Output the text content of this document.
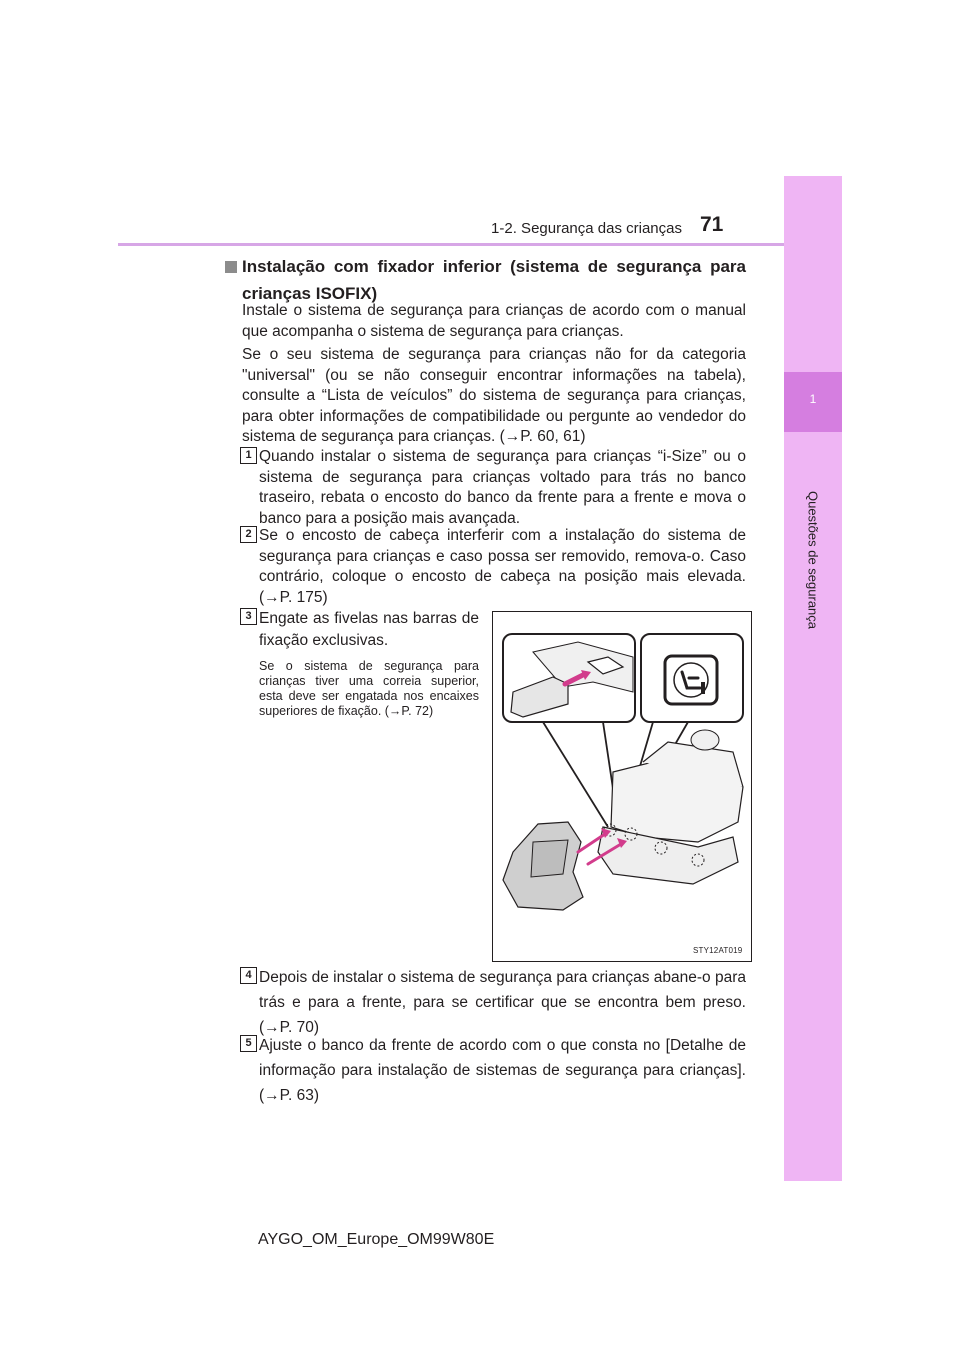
1-2. Segurança das crianças 71
1
Questões de segurança
Instalação com fixador inferior (sistema de segurança para crianças ISOFIX)
Instale o sistema de segurança para crianças de acordo com o manual que acompanha o sistema de segurança para crianças.
Se o seu sistema de segurança para crianças não for da categoria "universal" (ou se não conseguir encontrar informações na tabela), consulte a “Lista de veículos” do sistema de segurança para crianças, para obter informações de compatibilidade ou pergunte ao vendedor do sistema de segurança para crianças. (→P. 60, 61)
1 Quando instalar o sistema de segurança para crianças “i-Size” ou o sistema de segurança para crianças voltado para trás no banco traseiro, rebata o encosto do banco da frente para a frente e mova o banco para a posição mais avançada.
2 Se o encosto de cabeça interferir com a instalação do sistema de segurança para crianças e caso possa ser removido, remova-o. Caso contrário, coloque o encosto de cabeça na posição mais elevada. (→P. 175)
3 Engate as fivelas nas barras de fixação exclusivas.
Se o sistema de segurança para crianças tiver uma correia superior, esta deve ser engatada nos encaixes superiores de fixação. (→P. 72)
STY12AT019
4 Depois de instalar o sistema de segurança para crianças abane-o para trás e para a frente, para se certificar que se encontra bem preso. (→P. 70)
5 Ajuste o banco da frente de acordo com o que consta no [Detalhe de informação para instalação de sistemas de segurança para crianças]. (→P. 63)
AYGO_OM_Europe_OM99W80E
